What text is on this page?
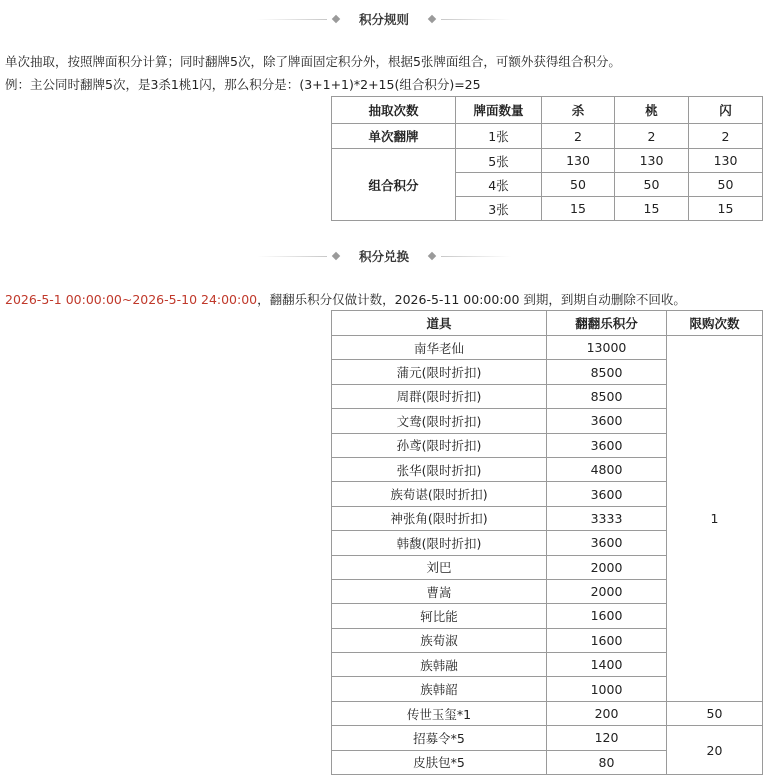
积分规则
单次抽取，按照牌面积分计算；同时翻牌5次，除了牌面固定积分外，根据5张牌面组合，可额外获得组合积分。
例：主公同时翻牌5次，是3杀1桃1闪，那么积分是：(3+1+1)*2+15(组合积分)=25
抽取次数	牌面数量	杀	桃	闪
单次翻牌	1张	2	2	2
组合积分	5张	130	130	130
	4张	50	50	50
	3张	15	15	15
积分兑换
2026-5-1 00:00:00~2026-5-10 24:00:00，翻翻乐积分仅做计数，2026-5-11 00:00:00 到期，到期自动删除不回收。
道具	翻翻乐积分	限购次数
南华老仙	13000	1
蒲元(限时折扣)	8500	
周群(限时折扣)	8500	
文鸯(限时折扣)	3600	
孙鸢(限时折扣)	3600	
张华(限时折扣)	4800	
族荀谌(限时折扣)	3600	
神张角(限时折扣)	3333	
韩馥(限时折扣)	3600	
刘巴	2000	
曹嵩	2000	
轲比能	1600	
族荀淑	1600	
族韩融	1400	
族韩韶	1000	
传世玉玺*1	200	50
招募令*5	120	20
皮肤包*5	80	
